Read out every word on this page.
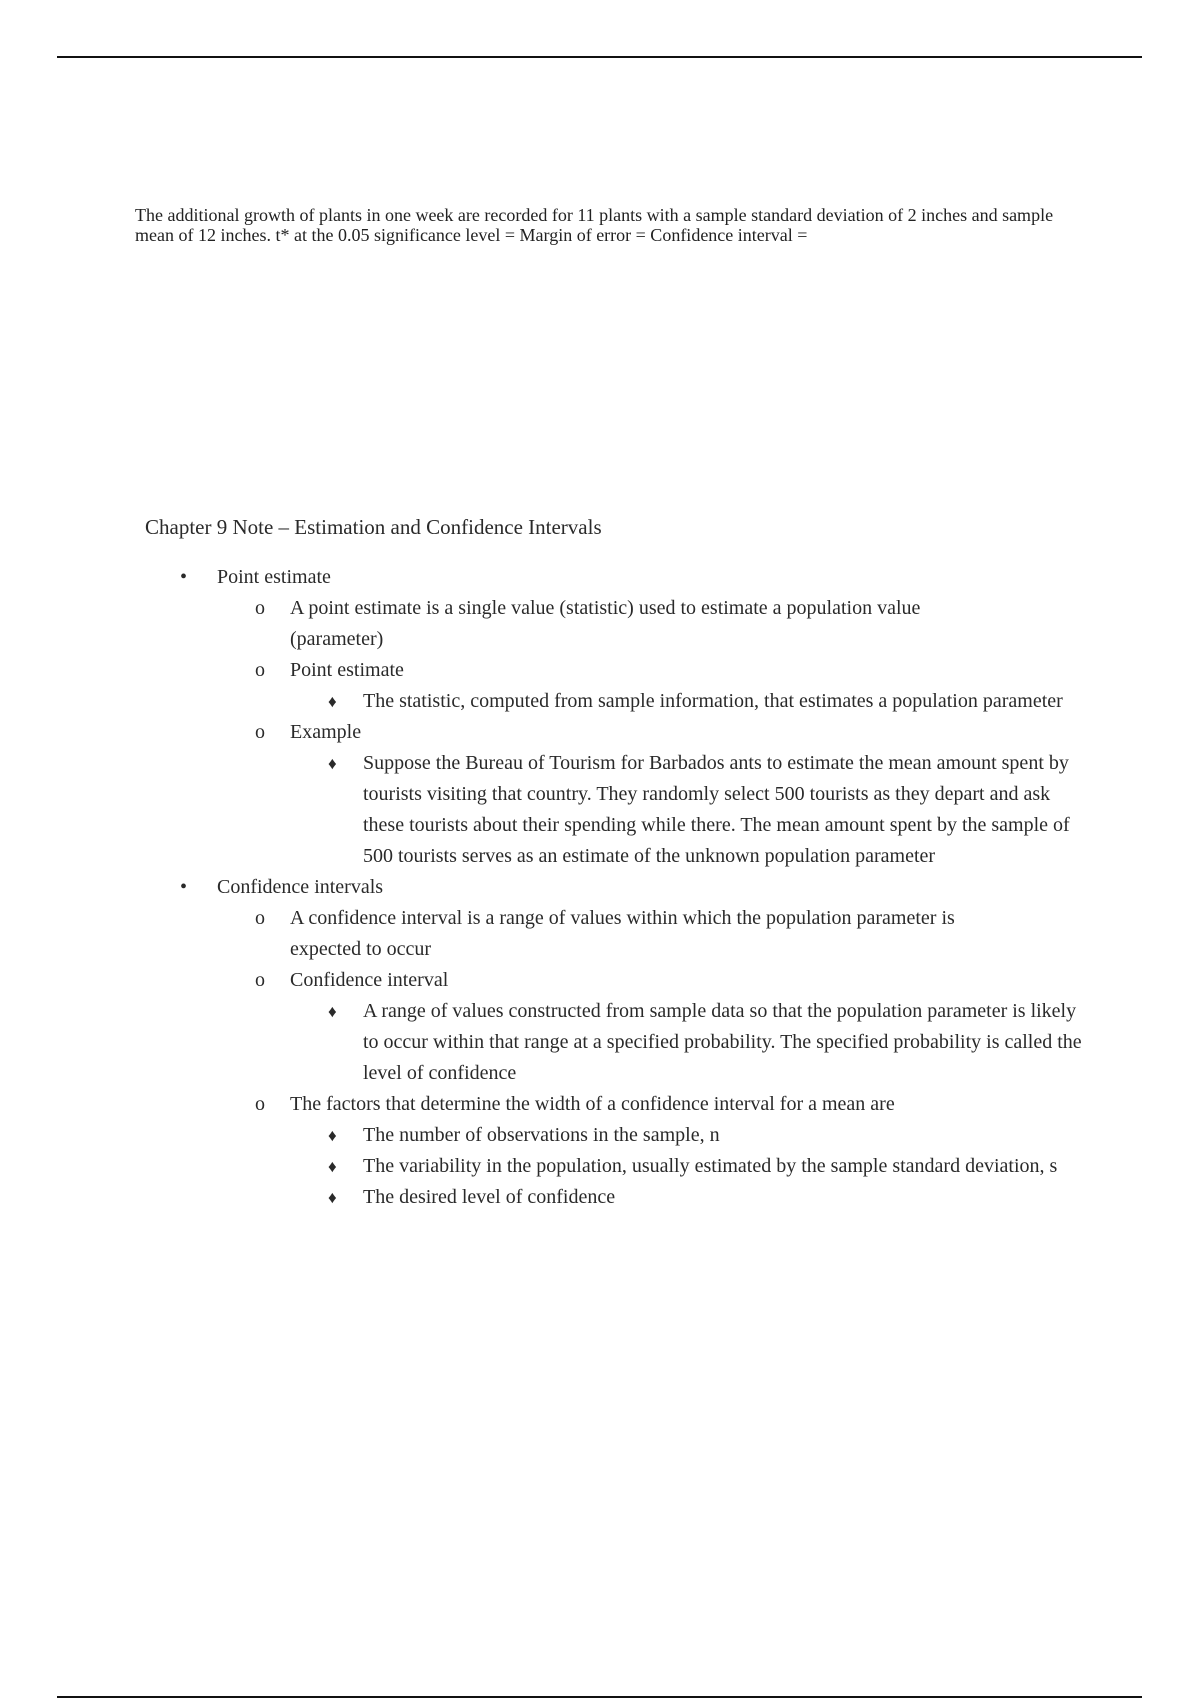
The additional growth of plants in one week are recorded for 11 plants with a sample standard deviation of 2 inches and sample mean of 12 inches. t* at the 0.05 significance level = Margin of error = Confidence interval =
Chapter 9 Note – Estimation and Confidence Intervals
• Point estimate
o A point estimate is a single value (statistic) used to estimate a population value (parameter)
o Point estimate
♦ The statistic, computed from sample information, that estimates a population parameter
o Example
♦ Suppose the Bureau of Tourism for Barbados ants to estimate the mean amount spent by tourists visiting that country. They randomly select 500 tourists as they depart and ask these tourists about their spending while there. The mean amount spent by the sample of 500 tourists serves as an estimate of the unknown population parameter
• Confidence intervals
o A confidence interval is a range of values within which the population parameter is expected to occur
o Confidence interval
♦ A range of values constructed from sample data so that the population parameter is likely to occur within that range at a specified probability. The specified probability is called the level of confidence
o The factors that determine the width of a confidence interval for a mean are
♦ The number of observations in the sample, n
♦ The variability in the population, usually estimated by the sample standard deviation, s
♦ The desired level of confidence
